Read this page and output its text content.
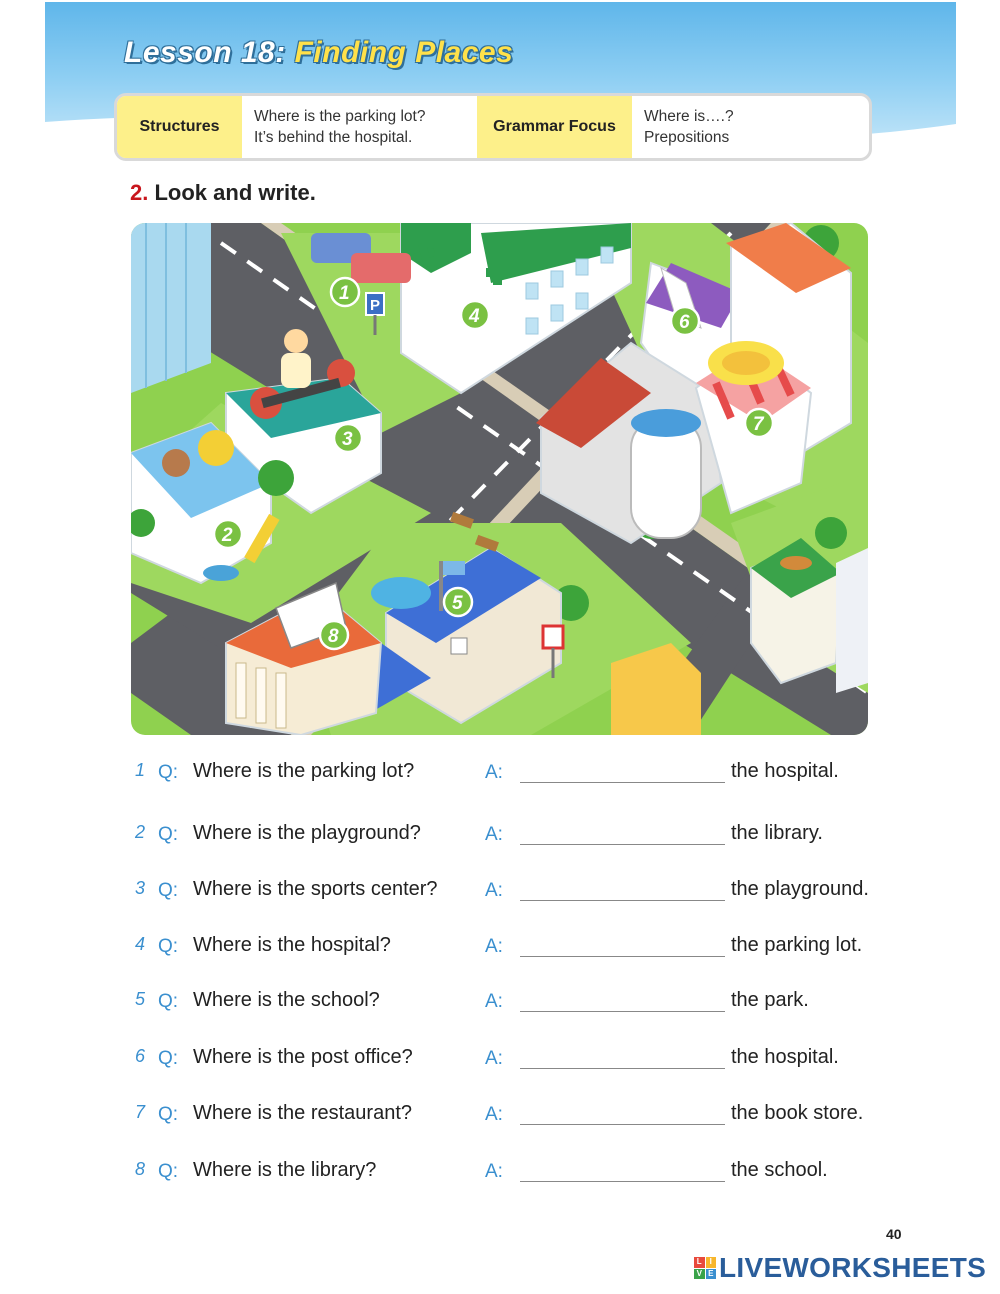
Lesson 18: Finding Places
Structures
Where is the parking lot?
It’s behind the hospital.
Grammar Focus
Where is….?
Prepositions
2. Look and write.
P
1
2
3
4
5
6
7
8
1 Q: Where is the parking lot?	A:	the hospital.
2 Q: Where is the playground?	A:	the library.
3 Q: Where is the sports center? A:	the playground.
4 Q: Where is the hospital?	A:	the parking lot.
5 Q: Where is the school?	A:	the park.
6 Q: Where is the post office?	A:	the hospital.
7 Q: Where is the restaurant?	A:	the book store.
8 Q: Where is the library?	A:	the school.
40
L I
V E LIVEWORKSHEETS
